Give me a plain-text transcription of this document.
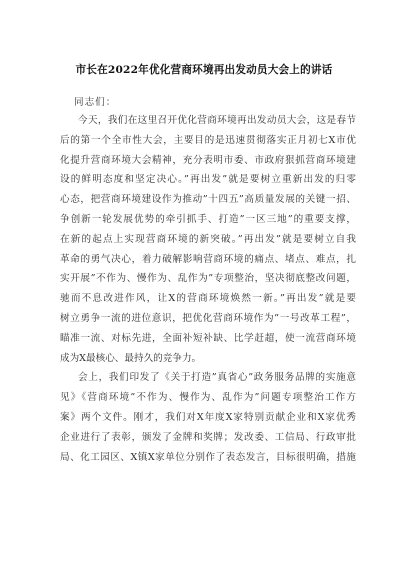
市长在2022年优化营商环境再出发动员大会上的讲话
同志们：
今天，我们在这里召开优化营商环境再出发动员大会，这是春节
后的第一个全市性大会，主要目的是迅速贯彻落实正月初七X市优
化提升营商环境大会精神，充分表明市委、市政府狠抓营商环境建
设的鲜明态度和坚定决心。”再出发”就是要树立重新出发的归零
心态，把营商环境建设作为推动”十四五”高质量发展的关键一招、
争创新一轮发展优势的牵引抓手、打造”一区三地”的重要支撑，
在新的起点上实现营商环境的新突破。”再出发”就是要树立自我
革命的勇气决心，着力破解影响营商环境的痛点、堵点、难点，扎
实开展”不作为、慢作为、乱作为”专项整治，坚决彻底整改问题，
驰而不息改进作风，让X的营商环境焕然一新。”再出发”就是要
树立勇争一流的进位意识，把优化营商环境作为”一号改革工程”，
瞄准一流、对标先进，全面补短补缺、比学赶超，使一流营商环境
成为X最核心、最持久的竞争力。
会上，我们印发了《关于打造”真省心”政务服务品牌的实施意
见》《营商环境”不作为、慢作为、乱作为”问题专项整治工作方
案》两个文件。刚才，我们对X年度X家特别贡献企业和X家优秀
企业进行了表彰，颁发了金牌和奖牌；发改委、工信局、行政审批
局、化工园区、X镇X家单位分别作了表态发言，目标很明确，措施
